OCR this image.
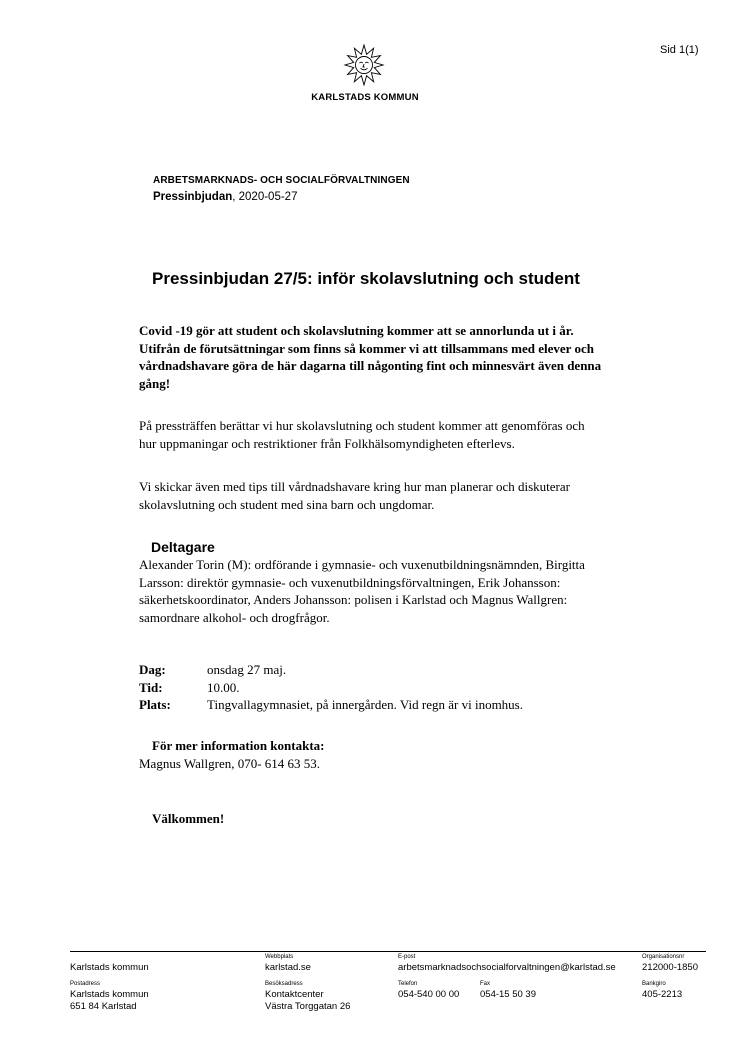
Sid 1(1)
KARLSTADS KOMMUN
ARBETSMARKNADS- OCH SOCIALFÖRVALTNINGEN
Pressinbjudan, 2020-05-27
Pressinbjudan 27/5: inför skolavslutning och student
Covid -19 gör att student och skolavslutning kommer att se annorlunda ut i år. Utifrån de förutsättningar som finns så kommer vi att tillsammans med elever och vårdnadshavare göra de här dagarna till någonting fint och minnesvärt även denna gång!
På pressträffen berättar vi hur skolavslutning och student kommer att genomföras och hur uppmaningar och restriktioner från Folkhälsomyndigheten efterlevs.
Vi skickar även med tips till vårdnadshavare kring hur man planerar och diskuterar skolavslutning och student med sina barn och ungdomar.
Deltagare
Alexander Torin (M): ordförande i gymnasie- och vuxenutbildningsnämnden, Birgitta Larsson: direktör gymnasie- och vuxenutbildningsförvaltningen, Erik Johansson: säkerhetskoordinator, Anders Johansson: polisen i Karlstad och Magnus Wallgren: samordnare alkohol- och drogfrågor.
Dag:	onsdag 27 maj.
Tid:	10.00.
Plats:	Tingvallagymnasiet, på innergården. Vid regn är vi inomhus.
För mer information kontakta:
Magnus Wallgren, 070- 614 63 53.
Välkommen!
Karlstads kommun
Webbplats
karlstad.se
E-post
arbetsmarknadsochsocialforvaltningen@karlstad.se
Organisationsnr
212000-1850
Postadress
Karlstads kommun
651 84 Karlstad
Besöksadress
Kontaktcenter
Västra Torggatan 26
Telefon
054-540 00 00
Fax
054-15 50 39
Bankgiro
405-2213
